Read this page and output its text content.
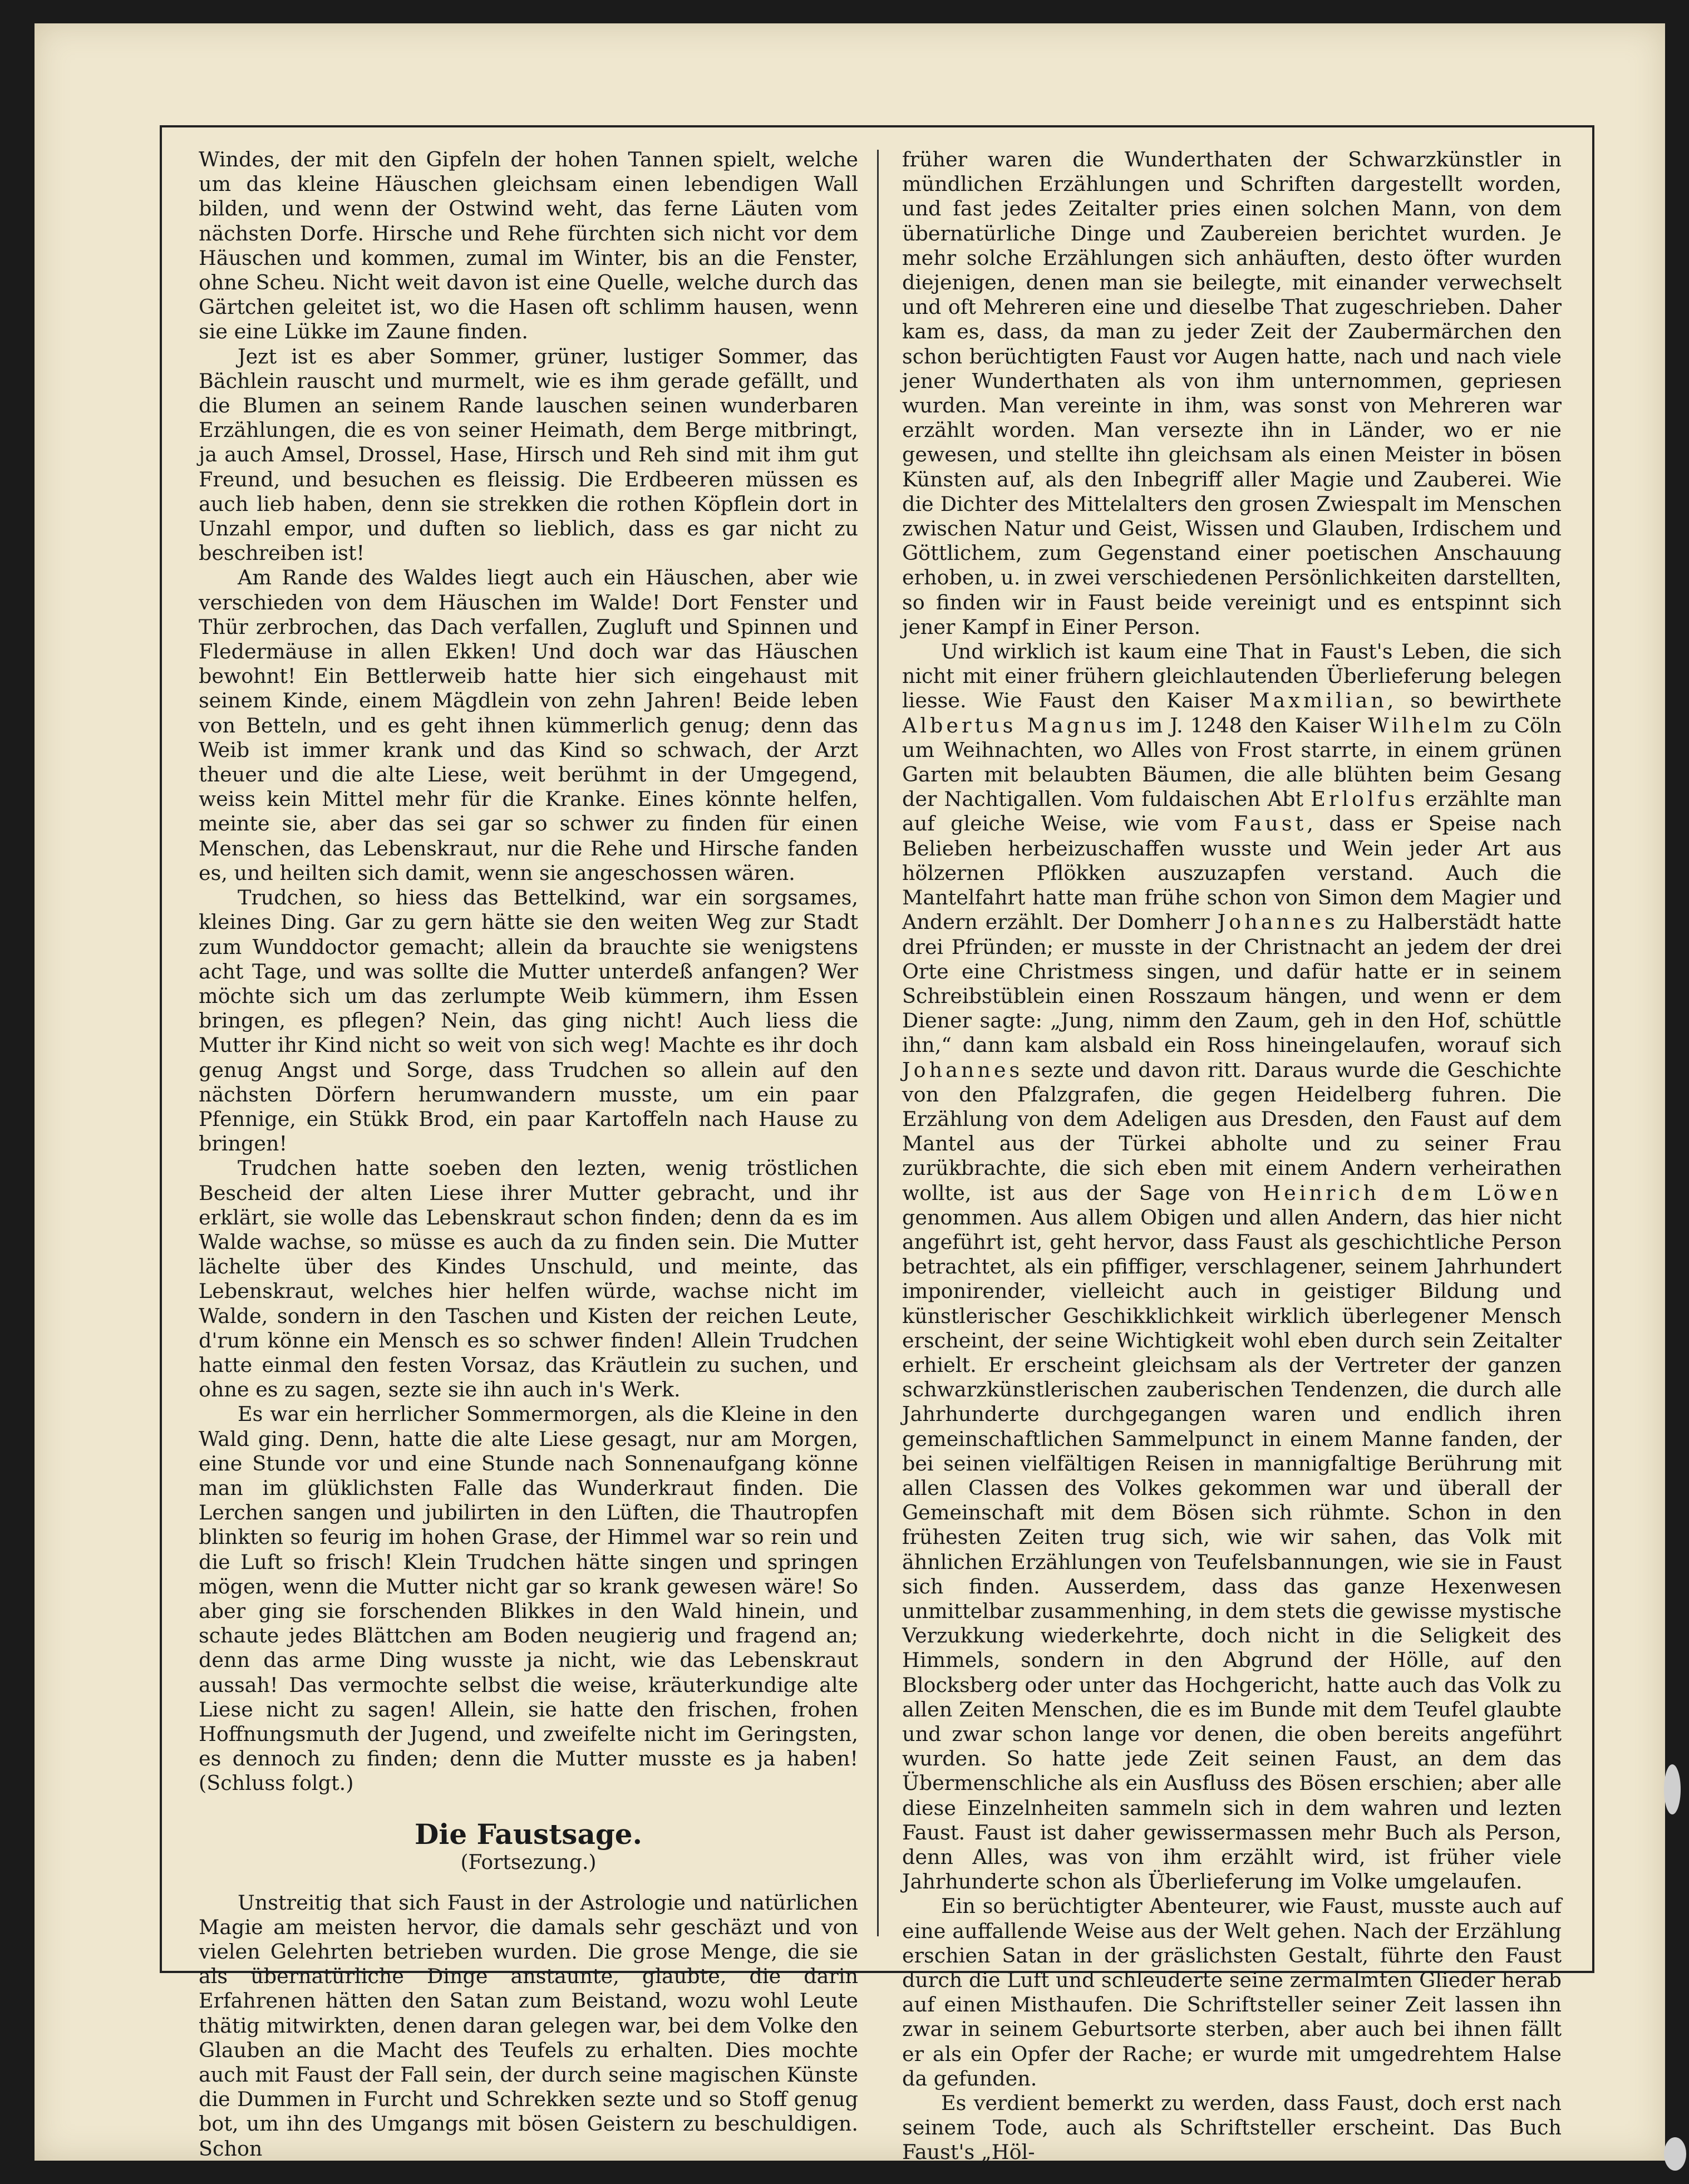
Windes, der mit den Gipfeln der hohen Tannen spielt, welche um das kleine Häuschen gleichsam einen lebendigen Wall bilden, und wenn der Ostwind weht, das ferne Läuten vom nächsten Dorfe. Hirsche und Rehe fürchten sich nicht vor dem Häuschen und kommen, zumal im Winter, bis an die Fenster, ohne Scheu. Nicht weit davon ist eine Quelle, welche durch das Gärtchen geleitet ist, wo die Hasen oft schlimm hausen, wenn sie eine Lükke im Zaune finden.

Jezt ist es aber Sommer, grüner, lustiger Sommer, das Bächlein rauscht und murmelt, wie es ihm gerade gefällt, und die Blumen an seinem Rande lauschen seinen wunderbaren Erzählungen, die es von seiner Heimath, dem Berge mitbringt, ja auch Amsel, Drossel, Hase, Hirsch und Reh sind mit ihm gut Freund, und besuchen es fleissig. Die Erdbeeren müssen es auch lieb haben, denn sie strekken die rothen Köpflein dort in Unzahl empor, und duften so lieblich, dass es gar nicht zu beschreiben ist!

Am Rande des Waldes liegt auch ein Häuschen, aber wie verschieden von dem Häuschen im Walde! Dort Fenster und Thür zerbrochen, das Dach verfallen, Zugluft und Spinnen und Fledermäuse in allen Ekken! Und doch war das Häuschen bewohnt! Ein Bettlerweib hatte hier sich eingehaust mit seinem Kinde, einem Mägdlein von zehn Jahren! Beide leben von Betteln, und es geht ihnen kümmerlich genug; denn das Weib ist immer krank und das Kind so schwach, der Arzt theuer und die alte Liese, weit berühmt in der Umgegend, weiss kein Mittel mehr für die Kranke. Eines könnte helfen, meinte sie, aber das sei gar so schwer zu finden für einen Menschen, das Lebenskraut, nur die Rehe und Hirsche fanden es, und heilten sich damit, wenn sie angeschossen wären.

Trudchen, so hiess das Bettelkind, war ein sorgsames, kleines Ding. Gar zu gern hätte sie den weiten Weg zur Stadt zum Wunddoctor gemacht; allein da brauchte sie wenigstens acht Tage, und was sollte die Mutter unterdeß anfangen? Wer möchte sich um das zerlumpte Weib kümmern, ihm Essen bringen, es pflegen? Nein, das ging nicht! Auch liess die Mutter ihr Kind nicht so weit von sich weg! Machte es ihr doch genug Angst und Sorge, dass Trudchen so allein auf den nächsten Dörfern herumwandern musste, um ein paar Pfennige, ein Stükk Brod, ein paar Kartoffeln nach Hause zu bringen!

Trudchen hatte soeben den lezten, wenig tröstlichen Bescheid der alten Liese ihrer Mutter gebracht, und ihr erklärt, sie wolle das Lebenskraut schon finden; denn da es im Walde wachse, so müsse es auch da zu finden sein. Die Mutter lächelte über des Kindes Unschuld, und meinte, das Lebenskraut, welches hier helfen würde, wachse nicht im Walde, sondern in den Taschen und Kisten der reichen Leute, d'rum könne ein Mensch es so schwer finden! Allein Trudchen hatte einmal den festen Vorsaz, das Kräutlein zu suchen, und ohne es zu sagen, sezte sie ihn auch in's Werk.

Es war ein herrlicher Sommermorgen, als die Kleine in den Wald ging. Denn, hatte die alte Liese gesagt, nur am Morgen, eine Stunde vor und eine Stunde nach Sonnenaufgang könne man im glüklichsten Falle das Wunderkraut finden. Die Lerchen sangen und jubilirten in den Lüften, die Thautropfen blinkten so feurig im hohen Grase, der Himmel war so rein und die Luft so frisch! Klein Trudchen hätte singen und springen mögen, wenn die Mutter nicht gar so krank gewesen wäre! So aber ging sie forschenden Blikkes in den Wald hinein, und schaute jedes Blättchen am Boden neugierig und fragend an; denn das arme Ding wusste ja nicht, wie das Lebenskraut aussah! Das vermochte selbst die weise, kräuterkundige alte Liese nicht zu sagen! Allein, sie hatte den frischen, frohen Hoffnungsmuth der Jugend, und zweifelte nicht im Geringsten, es dennoch zu finden; denn die Mutter musste es ja haben! (Schluss folgt.)

Die Faustsage.
(Fortsezung.)

Unstreitig that sich Faust in der Astrologie und natürlichen Magie am meisten hervor, die damals sehr geschäzt und von vielen Gelehrten betrieben wurden. Die grose Menge, die sie als übernatürliche Dinge anstaunte, glaubte, die darin Erfahrenen hätten den Satan zum Beistand, wozu wohl Leute thätig mitwirkten, denen daran gelegen war, bei dem Volke den Glauben an die Macht des Teufels zu erhalten. Dies mochte auch mit Faust der Fall sein, der durch seine magischen Künste die Dummen in Furcht und Schrekken sezte und so Stoff genug bot, um ihn des Umgangs mit bösen Geistern zu beschuldigen. Schon

früher waren die Wunderthaten der Schwarzkünstler in mündlichen Erzählungen und Schriften dargestellt worden, und fast jedes Zeitalter pries einen solchen Mann, von dem übernatürliche Dinge und Zaubereien berichtet wurden. Je mehr solche Erzählungen sich anhäuften, desto öfter wurden diejenigen, denen man sie beilegte, mit einander verwechselt und oft Mehreren eine und dieselbe That zugeschrieben. Daher kam es, dass, da man zu jeder Zeit der Zaubermärchen den schon berüchtigten Faust vor Augen hatte, nach und nach viele jener Wunderthaten als von ihm unternommen, gepriesen wurden. Man vereinte in ihm, was sonst von Mehreren war erzählt worden. Man versezte ihn in Länder, wo er nie gewesen, und stellte ihn gleichsam als einen Meister in bösen Künsten auf, als den Inbegriff aller Magie und Zauberei. Wie die Dichter des Mittelalters den grosen Zwiespalt im Menschen zwischen Natur und Geist, Wissen und Glauben, Irdischem und Göttlichem, zum Gegenstand einer poetischen Anschauung erhoben, u. in zwei verschiedenen Persönlichkeiten darstellten, so finden wir in Faust beide vereinigt und es entspinnt sich jener Kampf in Einer Person.

Und wirklich ist kaum eine That in Faust's Leben, die sich nicht mit einer frühern gleichlautenden Überlieferung belegen liesse. Wie Faust den Kaiser Maxmilian, so bewirthete Albertus Magnus im J. 1248 den Kaiser Wilhelm zu Cöln um Weihnachten, wo Alles von Frost starrte, in einem grünen Garten mit belaubten Bäumen, die alle blühten beim Gesang der Nachtigallen. Vom fuldaischen Abt Erlolfus erzählte man auf gleiche Weise, wie vom Faust, dass er Speise nach Belieben herbeizuschaffen wusste und Wein jeder Art aus hölzernen Pflökken auszuzapfen verstand. Auch die Mantelfahrt hatte man frühe schon von Simon dem Magier und Andern erzählt. Der Domherr Johannes zu Halberstädt hatte drei Pfründen; er musste in der Christnacht an jedem der drei Orte eine Christmess singen, und dafür hatte er in seinem Schreibstüblein einen Rosszaum hängen, und wenn er dem Diener sagte: „Jung, nimm den Zaum, geh in den Hof, schüttle ihn,“ dann kam alsbald ein Ross hineingelaufen, worauf sich Johannes sezte und davon ritt. Daraus wurde die Geschichte von den Pfalzgrafen, die gegen Heidelberg fuhren. Die Erzählung von dem Adeligen aus Dresden, den Faust auf dem Mantel aus der Türkei abholte und zu seiner Frau zurükbrachte, die sich eben mit einem Andern verheirathen wollte, ist aus der Sage von Heinrich dem Löwen genommen. Aus allem Obigen und allen Andern, das hier nicht angeführt ist, geht hervor, dass Faust als geschichtliche Person betrachtet, als ein pfiffiger, verschlagener, seinem Jahrhundert imponirender, vielleicht auch in geistiger Bildung und künstlerischer Geschikklichkeit wirklich überlegener Mensch erscheint, der seine Wichtigkeit wohl eben durch sein Zeitalter erhielt. Er erscheint gleichsam als der Vertreter der ganzen schwarzkünstlerischen zauberischen Tendenzen, die durch alle Jahrhunderte durchgegangen waren und endlich ihren gemeinschaftlichen Sammelpunct in einem Manne fanden, der bei seinen vielfältigen Reisen in mannigfaltige Berührung mit allen Classen des Volkes gekommen war und überall der Gemeinschaft mit dem Bösen sich rühmte. Schon in den frühesten Zeiten trug sich, wie wir sahen, das Volk mit ähnlichen Erzählungen von Teufelsbannungen, wie sie in Faust sich finden. Ausserdem, dass das ganze Hexenwesen unmittelbar zusammenhing, in dem stets die gewisse mystische Verzukkung wiederkehrte, doch nicht in die Seligkeit des Himmels, sondern in den Abgrund der Hölle, auf den Blocksberg oder unter das Hochgericht, hatte auch das Volk zu allen Zeiten Menschen, die es im Bunde mit dem Teufel glaubte und zwar schon lange vor denen, die oben bereits angeführt wurden. So hatte jede Zeit seinen Faust, an dem das Übermenschliche als ein Ausfluss des Bösen erschien; aber alle diese Einzelnheiten sammeln sich in dem wahren und lezten Faust. Faust ist daher gewissermassen mehr Buch als Person, denn Alles, was von ihm erzählt wird, ist früher viele Jahrhunderte schon als Überlieferung im Volke umgelaufen.

Ein so berüchtigter Abenteurer, wie Faust, musste auch auf eine auffallende Weise aus der Welt gehen. Nach der Erzählung erschien Satan in der gräslichsten Gestalt, führte den Faust durch die Luft und schleuderte seine zermalmten Glieder herab auf einen Misthaufen. Die Schriftsteller seiner Zeit lassen ihn zwar in seinem Geburtsorte sterben, aber auch bei ihnen fällt er als ein Opfer der Rache; er wurde mit umgedrehtem Halse da gefunden.

Es verdient bemerkt zu werden, dass Faust, doch erst nach seinem Tode, auch als Schriftsteller erscheint. Das Buch Faust's „Höl-
